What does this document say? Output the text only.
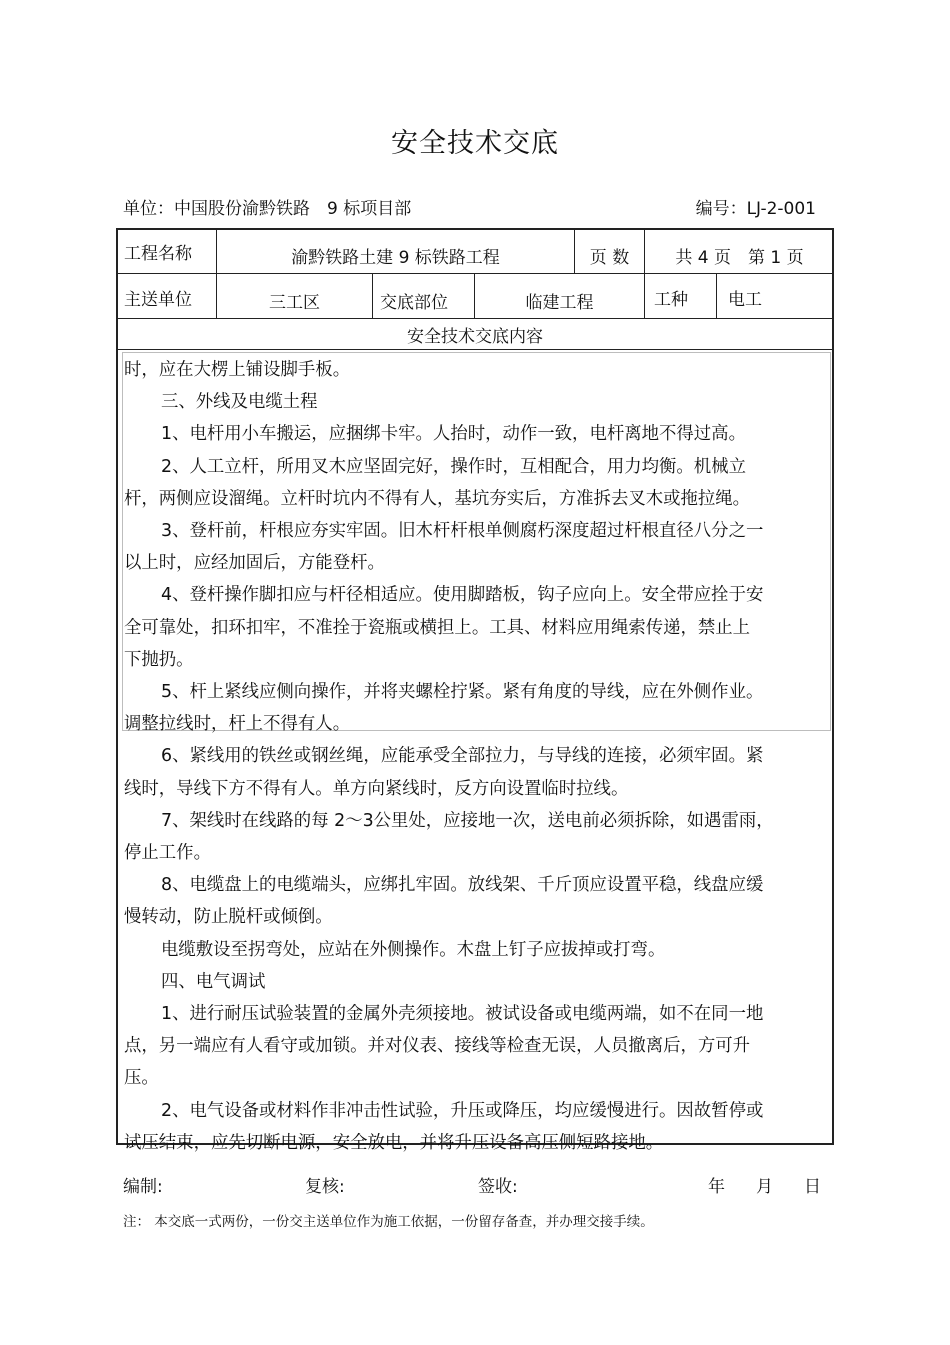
安全技术交底
单位：中国股份渝黔铁路　9 标项目部	编号：LJ-2-001
工程名称	渝黔铁路土建 9 标铁路工程	页 数	共 4 页　第 1 页
主送单位	三工区	交底部位	临建工程	工种 电工
安全技术交底内容

时，应在大楞上铺设脚手板。

三、外线及电缆土程

1、电杆用小车搬运，应捆绑卡牢。人抬时，动作一致，电杆离地不得过高。

2、人工立杆，所用叉木应坚固完好，操作时，互相配合，用力均衡。机械立

杆，两侧应设溜绳。立杆时坑内不得有人，基坑夯实后，方准拆去叉木或拖拉绳。

3、登杆前，杆根应夯实牢固。旧木杆杆根单侧腐朽深度超过杆根直径八分之一

以上时，应经加固后，方能登杆。

4、登杆操作脚扣应与杆径相适应。使用脚踏板，钩子应向上。安全带应拴于安

全可靠处，扣环扣牢，不准拴于瓷瓶或横担上。工具、材料应用绳索传递，禁止上

下抛扔。

5、杆上紧线应侧向操作，并将夹螺栓拧紧。紧有角度的导线，应在外侧作业。

调整拉线时，杆上不得有人。

6、紧线用的铁丝或钢丝绳，应能承受全部拉力，与导线的连接，必须牢固。紧

线时，导线下方不得有人。单方向紧线时，反方向设置临时拉线。

7、架线时在线路的每 2～3公里处，应接地一次，送电前必须拆除，如遇雷雨，

停止工作。

8、电缆盘上的电缆端头，应绑扎牢固。放线架、千斤顶应设置平稳，线盘应缓

慢转动，防止脱杆或倾倒。

电缆敷设至拐弯处，应站在外侧操作。木盘上钉子应拔掉或打弯。

四、电气调试

1、进行耐压试验装置的金属外壳须接地。被试设备或电缆两端，如不在同一地

点，另一端应有人看守或加锁。并对仪表、接线等检查无误，人员撤离后，方可升

压。

2、电气设备或材料作非冲击性试验，升压或降压，均应缓慢进行。因故暂停或

试压结束，应先切断电源，安全放电，并将升压设备高压侧短路接地。

编制:	复核:	签收:	年 月 日
注： 本交底一式两份，一份交主送单位作为施工依据，一份留存备查，并办理交接手续。
